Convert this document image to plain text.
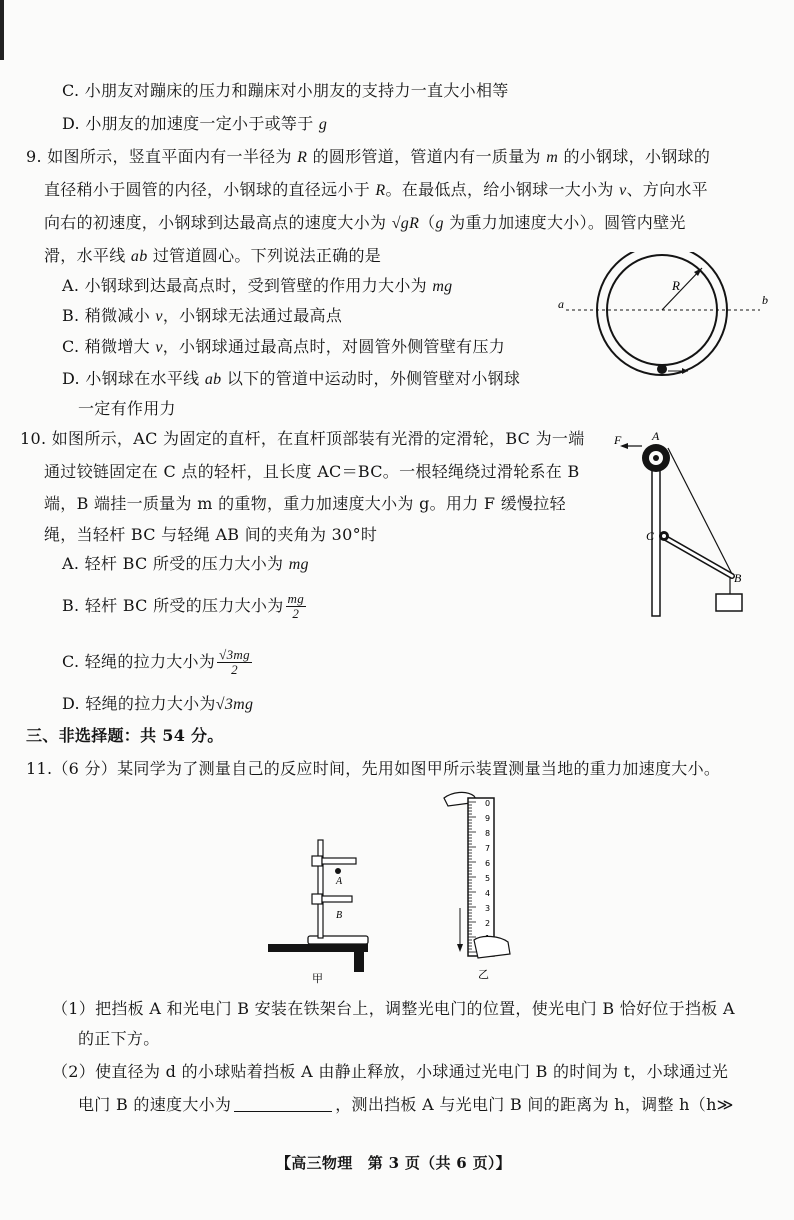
C. 小朋友对蹦床的压力和蹦床对小朋友的支持力一直大小相等
D. 小朋友的加速度一定小于或等于 g
9. 如图所示，竖直平面内有一半径为 R 的圆形管道，管道内有一质量为 m 的小钢球，小钢球的
直径稍小于圆管的内径，小钢球的直径远小于 R。在最低点，给小钢球一大小为 v、方向水平
向右的初速度，小钢球到达最高点的速度大小为 √gR（g 为重力加速度大小）。圆管内壁光
滑，水平线 ab 过管道圆心。下列说法正确的是
A. 小钢球到达最高点时，受到管壁的作用力大小为 mg
B. 稍微减小 v，小钢球无法通过最高点
C. 稍微增大 v，小钢球通过最高点时，对圆管外侧管壁有压力
D. 小钢球在水平线 ab 以下的管道中运动时，外侧管壁对小钢球
一定有作用力
a	b
R
10. 如图所示，AC 为固定的直杆，在直杆顶部装有光滑的定滑轮，BC 为一端
通过铰链固定在 C 点的轻杆，且长度 AC＝BC。一根轻绳绕过滑轮系在 B
端，B 端挂一质量为 m 的重物，重力加速度大小为 g。用力 F 缓慢拉轻
绳，当轻杆 BC 与轻绳 AB 间的夹角为 30°时
A. 轻杆 BC 所受的压力大小为 mg
B. 轻杆 BC 所受的压力大小为 $\frac{mg}{2}$
C. 轻绳的拉力大小为 $\frac{√3mg}{2}$
D. 轻绳的拉力大小为√3mg
F	A
C
B
三、非选择题：共 54 分。
11.（6 分）某同学为了测量自己的反应时间，先用如图甲所示装置测量当地的重力加速度大小。
A
B
甲
0
9
8
7
6
5
4
3
2
乙
（1）把挡板 A 和光电门 B 安装在铁架台上，调整光电门的位置，使光电门 B 恰好位于挡板 A
的正下方。
（2）使直径为 d 的小球贴着挡板 A 由静止释放，小球通过光电门 B 的时间为 t，小球通过光
电门 B 的速度大小为	，测出挡板 A 与光电门 B 间的距离为 h，调整 h（h≫
【高三物理　第 3 页（共 6 页）】
